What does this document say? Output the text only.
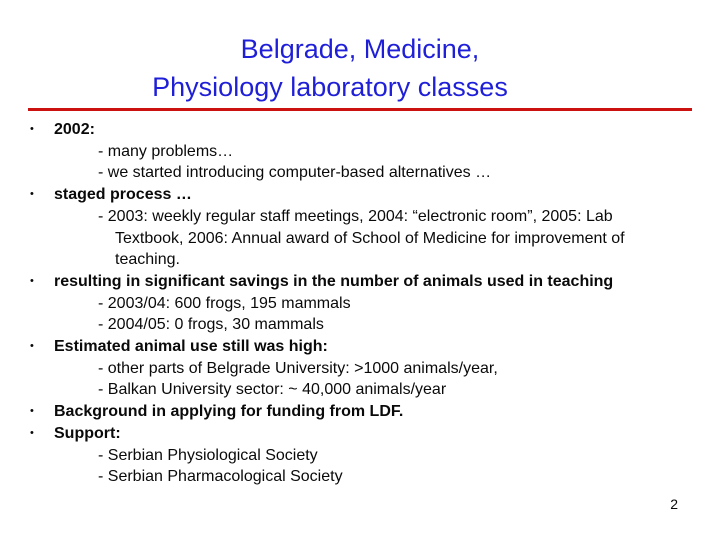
Belgrade, Medicine,
Physiology laboratory classes
• 2002:
- many problems…
- we started introducing computer-based alternatives …
• staged process …
- 2003: weekly regular staff meetings, 2004: “electronic room”, 2005: Lab
Textbook, 2006: Annual award of School of Medicine for improvement of
teaching.
• resulting in significant savings in the number of animals used in teaching
- 2003/04: 600 frogs, 195 mammals
- 2004/05: 0 frogs, 30 mammals
• Estimated animal use still was high:
- other parts of Belgrade University: >1000 animals/year,
- Balkan University sector: ~ 40,000 animals/year
• Background in applying for funding from LDF.
• Support:
- Serbian Physiological Society
- Serbian Pharmacological Society
2
